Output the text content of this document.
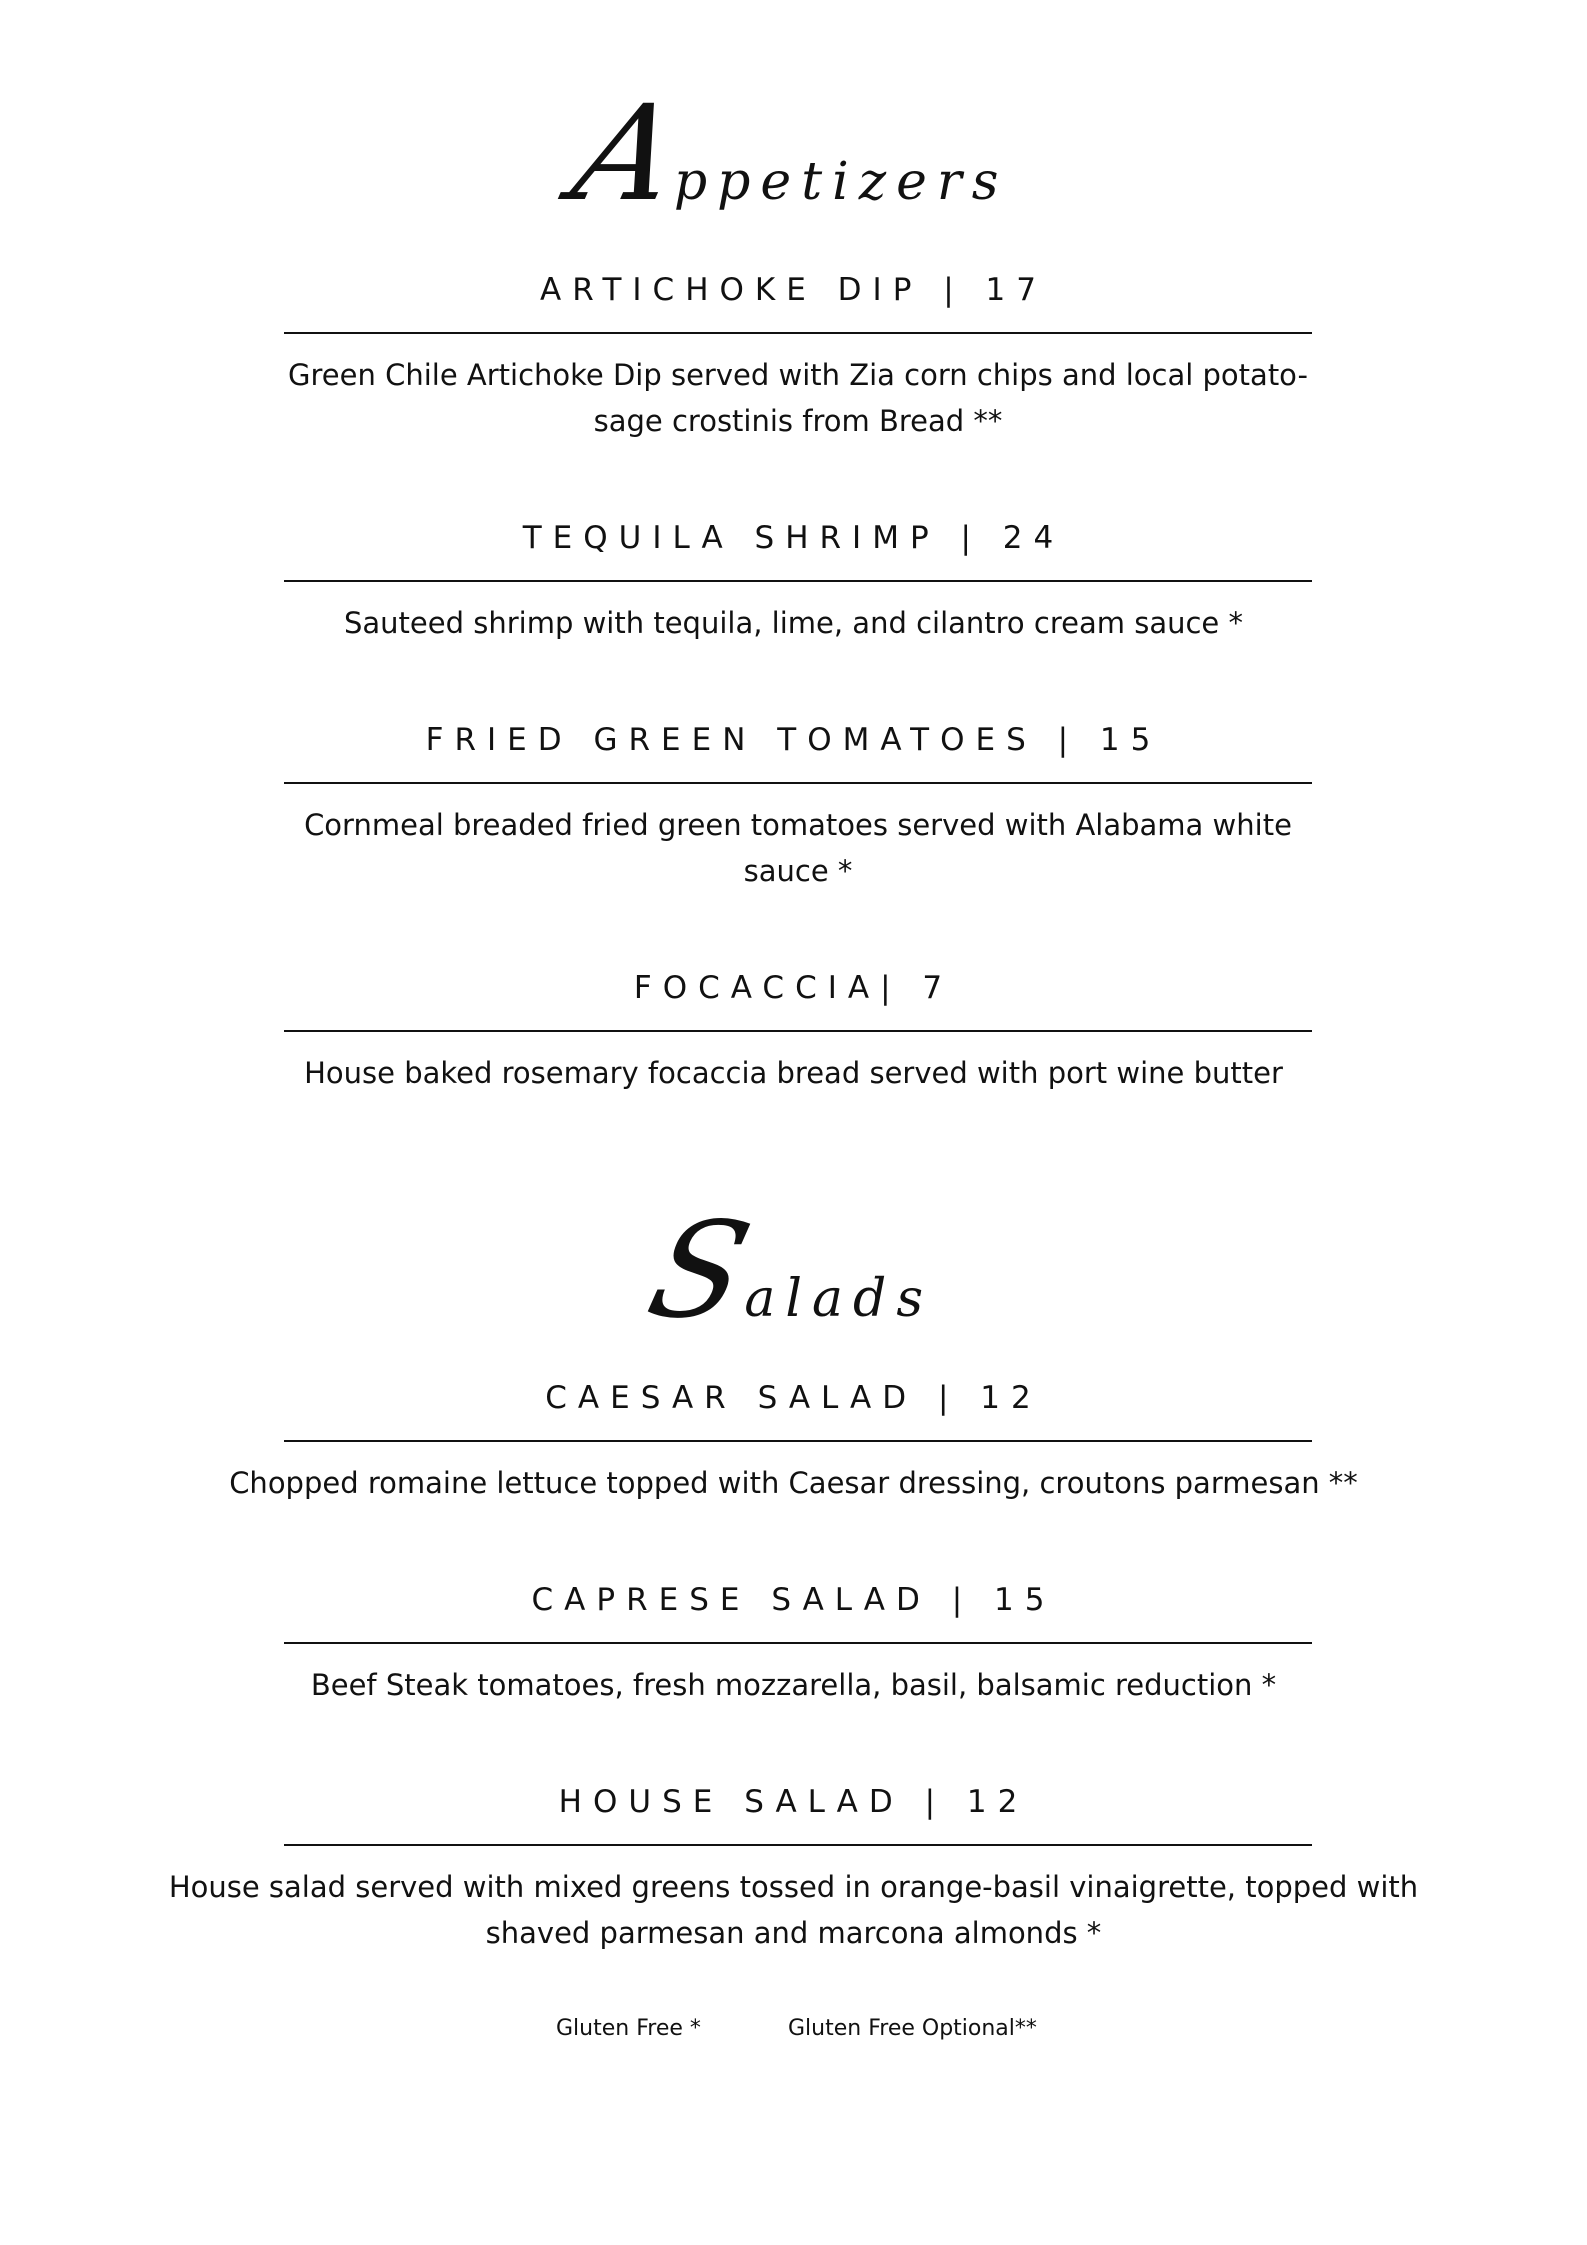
Appetizers
ARTICHOKE DIP | 17
Green Chile Artichoke Dip served with Zia corn chips and local potato-sage crostinis from Bread **
TEQUILA SHRIMP | 24
Sauteed shrimp with tequila, lime, and cilantro cream sauce *
FRIED GREEN TOMATOES | 15
Cornmeal breaded fried green tomatoes served with Alabama white sauce *
FOCACCIA| 7
House baked rosemary focaccia bread served with port wine butter
Salads
CAESAR SALAD | 12
Chopped romaine lettuce topped with Caesar dressing, croutons parmesan **
CAPRESE SALAD | 15
Beef Steak tomatoes, fresh mozzarella, basil, balsamic reduction *
HOUSE SALAD | 12
House salad served with mixed greens tossed in orange-basil vinaigrette, topped with shaved parmesan and marcona almonds *
Gluten Free *	Gluten Free Optional**
